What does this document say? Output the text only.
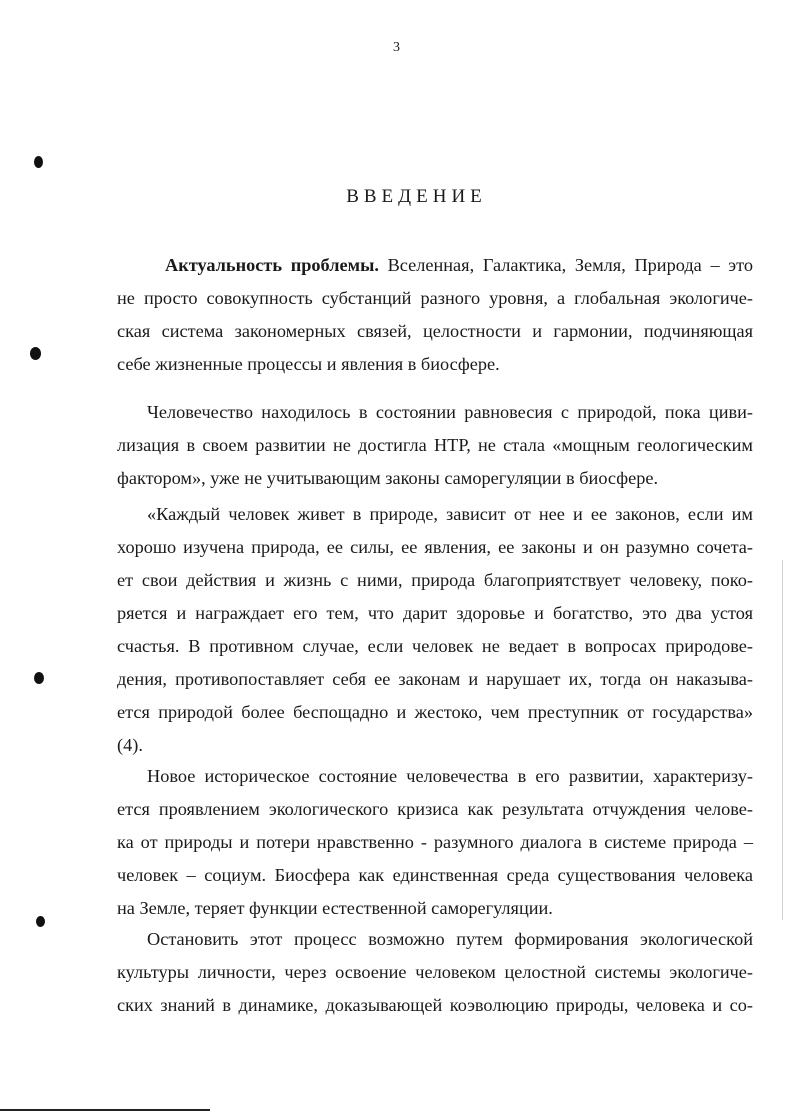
3
ВВЕДЕНИЕ
Актуальность проблемы. Вселенная, Галактика, Земля, Природа – это
не просто совокупность субстанций разного уровня, а глобальная экологиче-
ская система закономерных связей, целостности и гармонии, подчиняющая
себе жизненные процессы и явления в биосфере.
Человечество находилось в состоянии равновесия с природой, пока циви-
лизация в своем развитии не достигла НТР, не стала «мощным геологическим
фактором», уже не учитывающим законы саморегуляции в биосфере.
«Каждый человек живет в природе, зависит от нее и ее законов, если им
хорошо изучена природа, ее силы, ее явления, ее законы и он разумно сочета-
ет свои действия и жизнь с ними, природа благоприятствует человеку, поко-
ряется и награждает его тем, что дарит здоровье и богатство, это два устоя
счастья. В противном случае, если человек не ведает в вопросах природове-
дения, противопоставляет себя ее законам и нарушает их, тогда он наказыва-
ется природой более беспощадно и жестоко, чем преступник от государства»
(4).
Новое историческое состояние человечества в его развитии, характеризу-
ется проявлением экологического кризиса как результата отчуждения челове-
ка от природы и потери нравственно - разумного диалога в системе природа –
человек – социум. Биосфера как единственная среда существования человека
на Земле, теряет функции естественной саморегуляции.
Остановить этот процесс возможно путем формирования экологической
культуры личности, через освоение человеком целостной системы экологиче-
ских знаний в динамике, доказывающей коэволюцию природы, человека и со-
